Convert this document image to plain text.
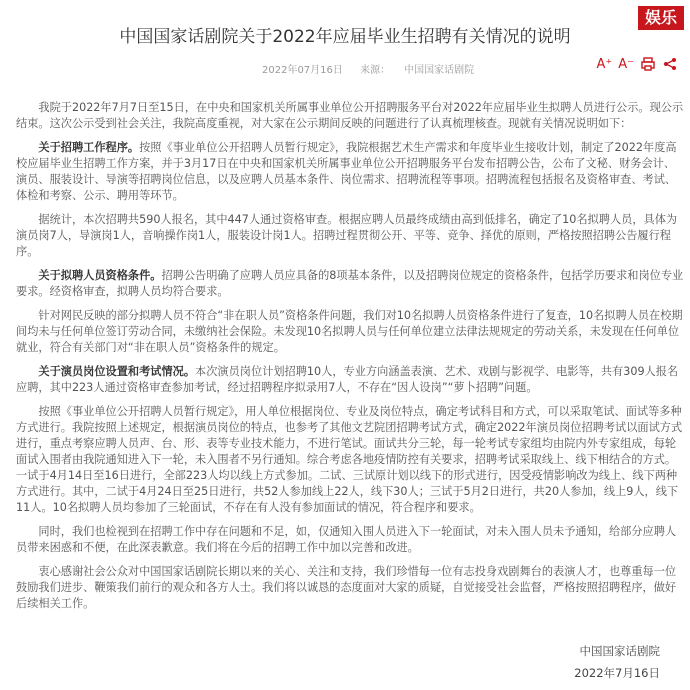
娱乐
中国国家话剧院关于2022年应届毕业生招聘有关情况的说明
2022年07月16日 来源： 中国国家话剧院	A⁺ A⁻

我院于2022年7月7日至15日，在中央和国家机关所属事业单位公开招聘服务平台对2022年应届毕业生拟聘人员进行公示。现公示结束。这次公示受到社会关注，我院高度重视，对大家在公示期间反映的问题进行了认真梳理核查。现就有关情况说明如下：

关于招聘工作程序。按照《事业单位公开招聘人员暂行规定》，我院根据艺术生产需求和年度毕业生接收计划，制定了2022年度高校应届毕业生招聘工作方案，并于3月17日在中央和国家机关所属事业单位公开招聘服务平台发布招聘公告，公布了文秘、财务会计、演员、服装设计、导演等招聘岗位信息，以及应聘人员基本条件、岗位需求、招聘流程等事项。招聘流程包括报名及资格审查、考试、体检和考察、公示、聘用等环节。

据统计，本次招聘共590人报名，其中447人通过资格审查。根据应聘人员最终成绩由高到低排名，确定了10名拟聘人员，具体为演员岗7人，导演岗1人，音响操作岗1人，服装设计岗1人。招聘过程贯彻公开、平等、竞争、择优的原则，严格按照招聘公告履行程序。

关于拟聘人员资格条件。招聘公告明确了应聘人员应具备的8项基本条件，以及招聘岗位规定的资格条件，包括学历要求和岗位专业要求。经资格审查，拟聘人员均符合要求。

针对网民反映的部分拟聘人员不符合“非在职人员”资格条件问题，我们对10名拟聘人员资格条件进行了复查，10名拟聘人员在校期间均未与任何单位签订劳动合同，未缴纳社会保险。未发现10名拟聘人员与任何单位建立法律法规规定的劳动关系，未发现在任何单位就业，符合有关部门对“非在职人员”资格条件的规定。

关于演员岗位设置和考试情况。本次演员岗位计划招聘10人，专业方向涵盖表演、艺术、戏剧与影视学、电影等，共有309人报名应聘，其中223人通过资格审查参加考试，经过招聘程序拟录用7人，不存在“因人设岗”“萝卜招聘”问题。

按照《事业单位公开招聘人员暂行规定》，用人单位根据岗位、专业及岗位特点，确定考试科目和方式，可以采取笔试、面试等多种方式进行。我院按照上述规定，根据演员岗位的特点，也参考了其他文艺院团招聘考试方式，确定2022年演员岗位招聘考试以面试方式进行，重点考察应聘人员声、台、形、表等专业技术能力，不进行笔试。面试共分三轮，每一轮考试专家组均由院内外专家组成，每轮面试入围者由我院通知进入下一轮，未入围者不另行通知。综合考虑各地疫情防控有关要求，招聘考试采取线上、线下相结合的方式。一试于4月14日至16日进行，全部223人均以线上方式参加。二试、三试原计划以线下的形式进行，因受疫情影响改为线上、线下两种方式进行。其中，二试于4月24日至25日进行，共52人参加线上22人，线下30人；三试于5月2日进行，共20人参加，线上9人，线下11人。10名拟聘人员均参加了三轮面试，不存在有人没有参加面试的情况，符合程序和要求。

同时，我们也检视到在招聘工作中存在问题和不足，如，仅通知入围人员进入下一轮面试，对未入围人员未予通知，给部分应聘人员带来困惑和不便，在此深表歉意。我们将在今后的招聘工作中加以完善和改进。

衷心感谢社会公众对中国国家话剧院长期以来的关心、关注和支持，我们珍惜每一位有志投身戏剧舞台的表演人才，也尊重每一位鼓励我们进步、鞭策我们前行的观众和各方人士。我们将以诚恳的态度面对大家的质疑，自觉接受社会监督，严格按照招聘程序，做好后续相关工作。

中国国家话剧院
2022年7月16日
